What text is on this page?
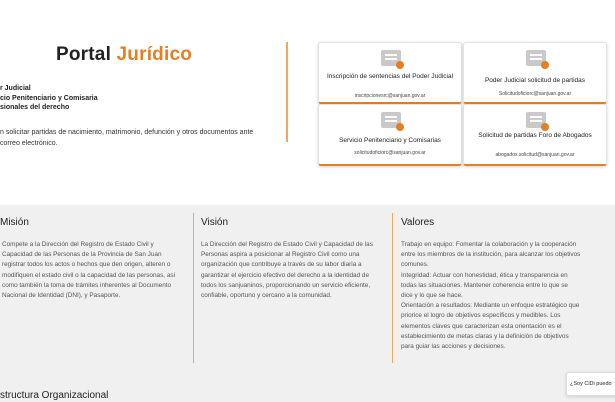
Portal Jurídico
r Judicial
cio Penitenciario y Comisaria
sionales del derecho
n solicitar partidas de nacimiento, matrimonio, defunción y otros documentos ante correo electrónico.
Inscripción de sentencias del Poder Judicial
inscripcionesrc@sanjuan.gov.ar
Poder Judicial solicitud de partidas
Solicitudoficiorc@sanjuan.gov.ar
Servicio Penitenciario y Comisarias
solicitudoficiorc@sanjuan.gov.ar
Solicitud de partidas Foro de Abogados
abogados.solicitud@sanjuan.gov.ar
Misión

Compete a la Dirección del Registro de Estado Civil y Capacidad de las Personas de la Provincia de San Juan registrar todos los actos o hechos que den origen, alteren o modifiquen el estado civil o la capacidad de las personas, así como también la toma de trámites inherentes al Documento Nacional de Identidad (DNI), y Pasaporte.

Visión

La Dirección del Registro de Estado Civil y Capacidad de las Personas aspira a posicionar al Registro Civil como una organización que contribuye a través de su labor diaria a garantizar el ejercicio efectivo del derecho a la identidad de todos los sanjuaninos, proporcionando un servicio eficiente, confiable, oportuno y cercano a la comunidad.

Valores

Trabajo en equipo: Fomentar la colaboración y la cooperación entre los miembros de la institución, para alcanzar los objetivos comunes.

Integridad: Actuar con honestidad, ética y transparencia en todas las situaciones. Mantener coherencia entre lo que se dice y lo que se hace.

Orientación a resultados: Mediante un enfoque estratégico que priorice el logro de objetivos específicos y medibles. Los elementos claves que caracterizan esta orientación es el establecimiento de metas claras y la definición de objetivos para guiar las acciones y decisiones.

structura Organizacional
¿Soy CiDi puedo
